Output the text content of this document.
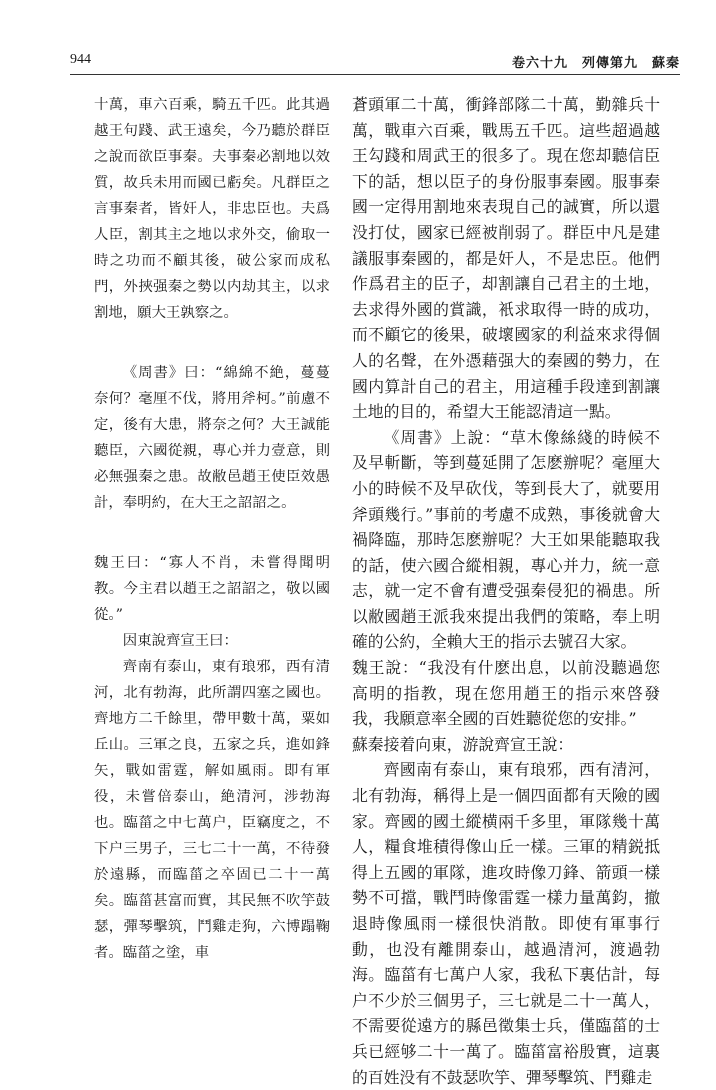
944	卷六十九　列傳第九　蘇秦

十萬，車六百乘，騎五千匹。此其過越王句踐、武王遠矣，今乃聽於群臣之說而欲臣事秦。夫事秦必割地以效質，故兵未用而國已虧矣。凡群臣之言事秦者，皆奸人，非忠臣也。夫爲人臣，割其主之地以求外交，偷取一時之功而不顧其後，破公家而成私門，外挾强秦之勢以内劫其主，以求割地，願大王孰察之。

《周書》曰：“綿綿不絶，蔓蔓奈何？毫厘不伐，將用斧柯。”前慮不定，後有大患，將奈之何？大王誠能聽臣，六國從親，專心并力壹意，則必無强秦之患。故敝邑趙王使臣效愚計，奉明約，在大王之詔詔之。

魏王曰：“寡人不肖，未嘗得聞明教。今主君以趙王之詔詔之，敬以國從。”

因東說齊宣王曰：

齊南有泰山，東有琅邪，西有清河，北有勃海，此所謂四塞之國也。齊地方二千餘里，帶甲數十萬，粟如丘山。三軍之良，五家之兵，進如鋒矢，戰如雷霆，解如風雨。即有軍役，未嘗倍泰山，絶清河，涉勃海也。臨菑之中七萬户，臣竊度之，不下户三男子，三七二十一萬，不待發於遠縣，而臨菑之卒固已二十一萬矣。臨菑甚富而實，其民無不吹竽鼓瑟，彈琴擊筑，鬥雞走狗，六博蹋鞠者。臨菑之塗，車

蒼頭軍二十萬，衝鋒部隊二十萬，勤雜兵十萬，戰車六百乘，戰馬五千匹。這些超過越王勾踐和周武王的很多了。現在您却聽信臣下的話，想以臣子的身份服事秦國。服事秦國一定得用割地來表現自己的誠實，所以還没打仗，國家已經被削弱了。群臣中凡是建議服事秦國的，都是奸人，不是忠臣。他們作爲君主的臣子，却割讓自己君主的土地，去求得外國的賞識，衹求取得一時的成功，而不顧它的後果，破壞國家的利益來求得個人的名聲，在外憑藉强大的秦國的勢力，在國内算計自己的君主，用這種手段達到割讓土地的目的，希望大王能認清這一點。

《周書》上說：“草木像絲綫的時候不及早斬斷，等到蔓延開了怎麽辦呢？毫厘大小的時候不及早砍伐，等到長大了，就要用斧頭幾行。”事前的考慮不成熟，事後就會大禍降臨，那時怎麽辦呢？大王如果能聽取我的話，使六國合縱相親，專心并力，統一意志，就一定不會有遭受强秦侵犯的禍患。所以敝國趙王派我來提出我們的策略，奉上明確的公約，全賴大王的指示去號召大家。

魏王說：“我没有什麽出息，以前没聽過您高明的指教，現在您用趙王的指示來啓發我，我願意率全國的百姓聽從您的安排。”

蘇秦接着向東，游說齊宣王說：

齊國南有泰山，東有琅邪，西有清河，北有勃海，稱得上是一個四面都有天險的國家。齊國的國土縱横兩千多里，軍隊幾十萬人，糧食堆積得像山丘一樣。三軍的精鋭抵得上五國的軍隊，進攻時像刀鋒、箭頭一樣勢不可擋，戰鬥時像雷霆一樣力量萬鈞，撤退時像風雨一樣很快消散。即使有軍事行動，也没有離開泰山，越過清河，渡過勃海。臨菑有七萬户人家，我私下裏估計，每户不少於三個男子，三七就是二十一萬人，不需要從遠方的縣邑徵集士兵，僅臨菑的士兵已經够二十一萬了。臨菑富裕殷實，這裏的百姓没有不鼓瑟吹竽、彈琴擊筑、鬥雞走
